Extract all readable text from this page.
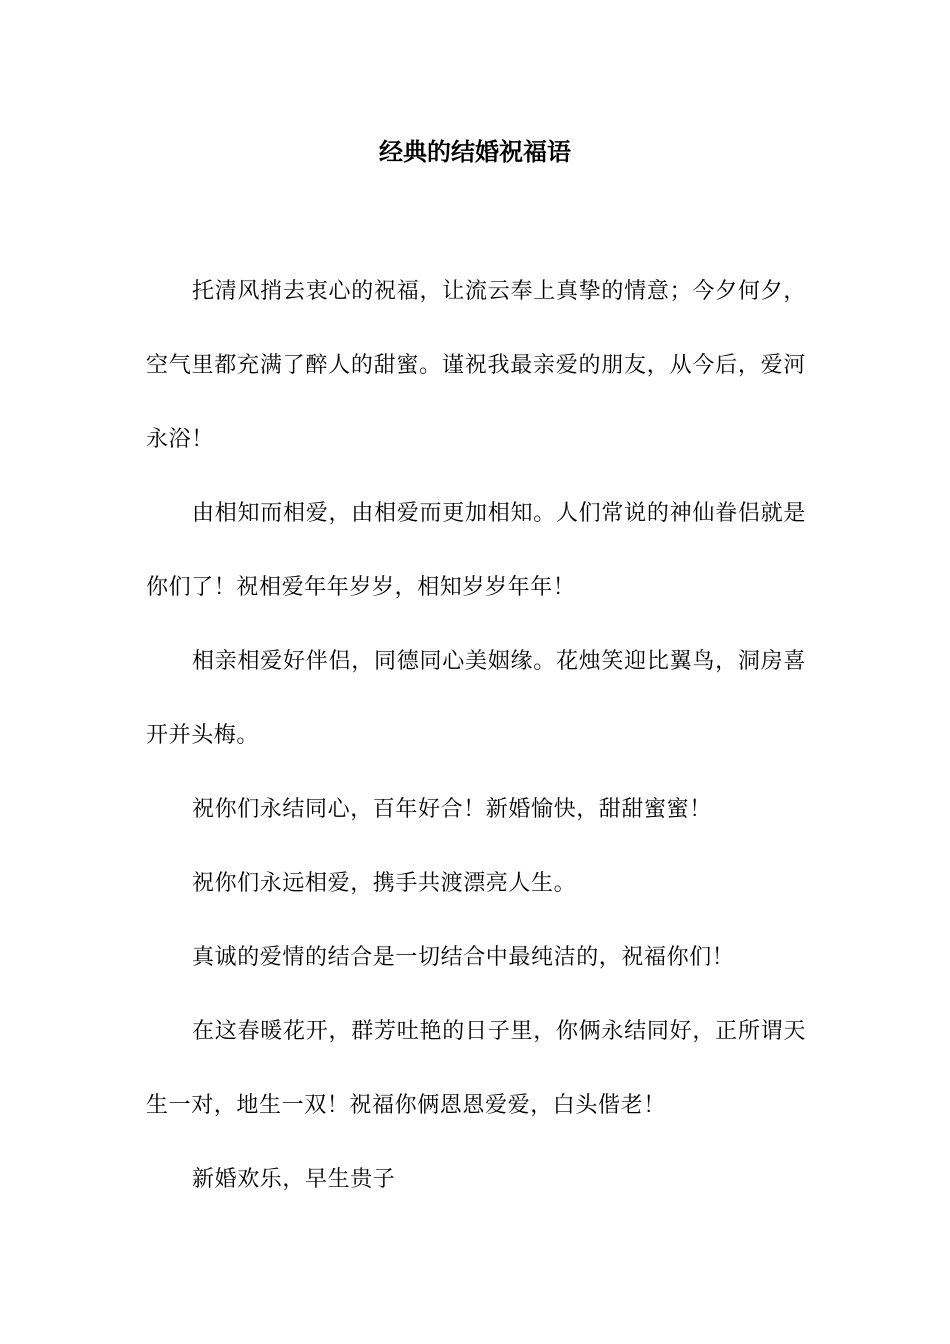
经典的结婚祝福语

托清风捎去衷心的祝福，让流云奉上真挚的情意；今夕何夕，空气里都充满了醉人的甜蜜。谨祝我最亲爱的朋友，从今后，爱河永浴！

由相知而相爱，由相爱而更加相知。人们常说的神仙眷侣就是你们了！祝相爱年年岁岁，相知岁岁年年！

相亲相爱好伴侣，同德同心美姻缘。花烛笑迎比翼鸟，洞房喜开并头梅。

祝你们永结同心，百年好合！新婚愉快，甜甜蜜蜜！

祝你们永远相爱，携手共渡漂亮人生。

真诚的爱情的结合是一切结合中最纯洁的，祝福你们！

在这春暖花开，群芳吐艳的日子里，你俩永结同好，正所谓天生一对，地生一双！祝福你俩恩恩爱爱，白头偕老！

新婚欢乐，早生贵子
